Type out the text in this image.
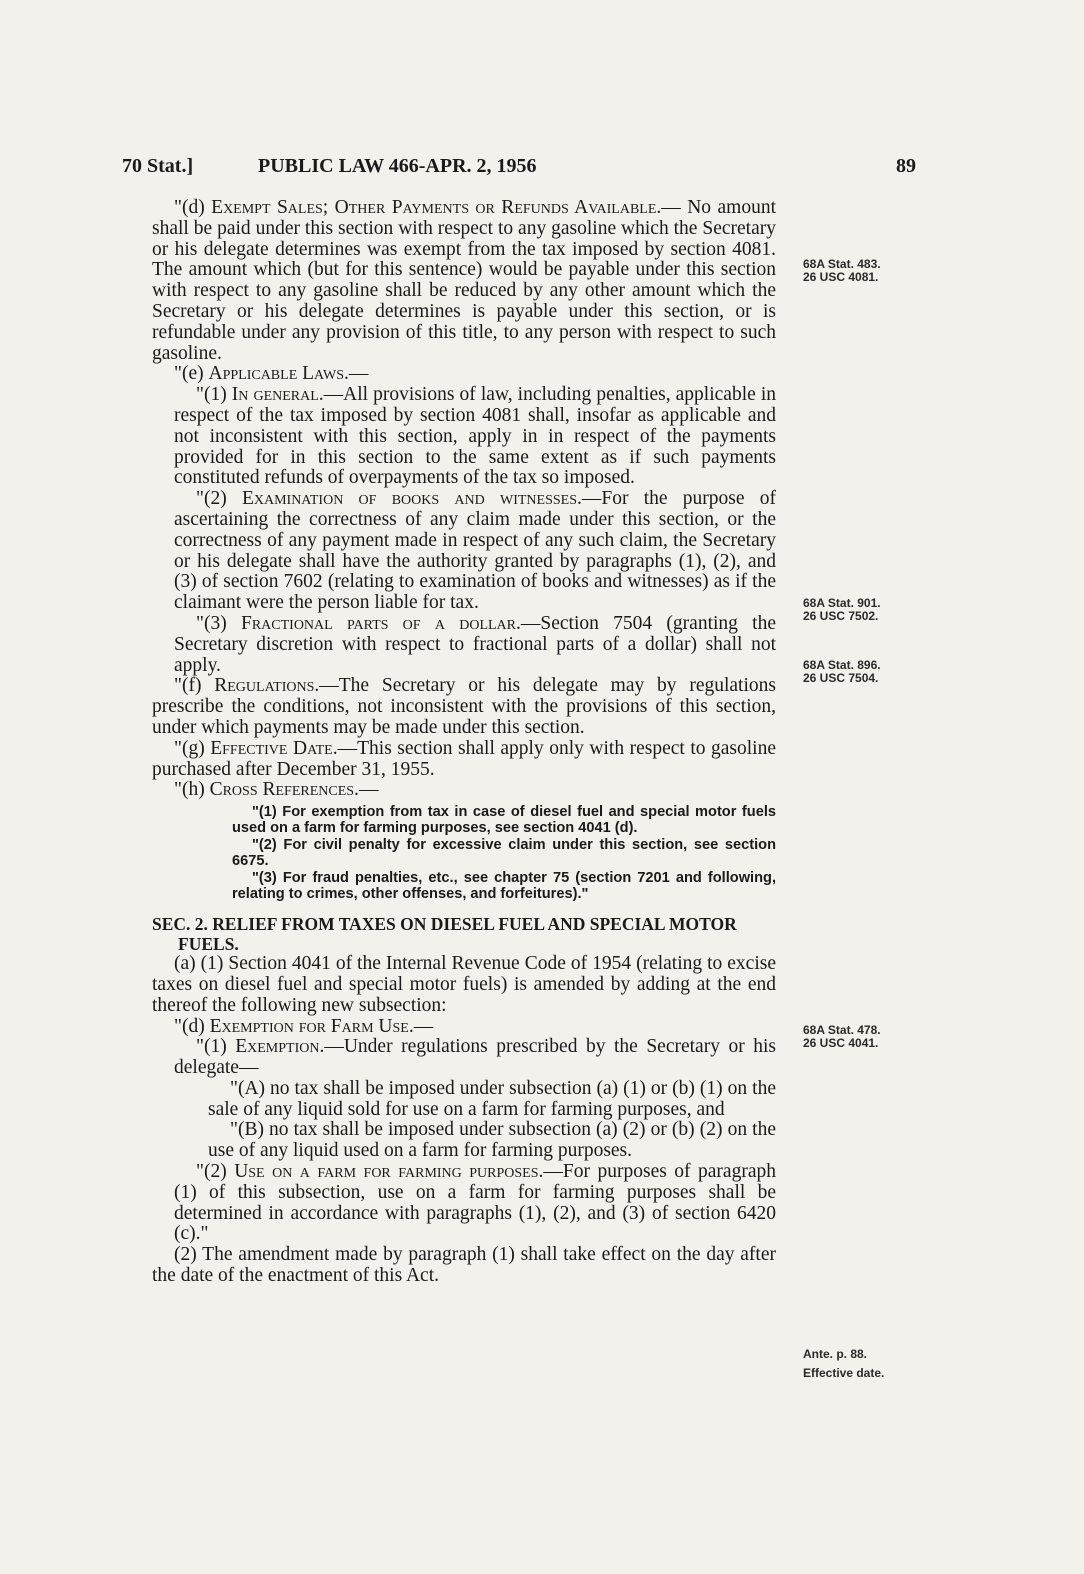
70 Stat.]	PUBLIC LAW 466-APR. 2, 1956	89

"(d) Exempt Sales; Other Payments or Refunds Available.— No amount shall be paid under this section with respect to any gasoline which the Secretary or his delegate determines was exempt from the tax imposed by section 4081. The amount which (but for this sentence) would be payable under this section with respect to any gasoline shall be reduced by any other amount which the Secretary or his delegate determines is payable under this section, or is refundable under any provision of this title, to any person with respect to such gasoline.

"(e) Applicable Laws.—

"(1) In general.—All provisions of law, including penalties, applicable in respect of the tax imposed by section 4081 shall, insofar as applicable and not inconsistent with this section, apply in in respect of the payments provided for in this section to the same extent as if such payments constituted refunds of overpayments of the tax so imposed.

"(2) Examination of books and witnesses.—For the purpose of ascertaining the correctness of any claim made under this section, or the correctness of any payment made in respect of any such claim, the Secretary or his delegate shall have the authority granted by paragraphs (1), (2), and (3) of section 7602 (relating to examination of books and witnesses) as if the claimant were the person liable for tax.

"(3) Fractional parts of a dollar.—Section 7504 (granting the Secretary discretion with respect to fractional parts of a dollar) shall not apply.

"(f) Regulations.—The Secretary or his delegate may by regulations prescribe the conditions, not inconsistent with the provisions of this section, under which payments may be made under this section.

"(g) Effective Date.—This section shall apply only with respect to gasoline purchased after December 31, 1955.

"(h) Cross References.—

"(1) For exemption from tax in case of diesel fuel and special motor fuels used on a farm for farming purposes, see section 4041 (d).

"(2) For civil penalty for excessive claim under this section, see section 6675.

"(3) For fraud penalties, etc., see chapter 75 (section 7201 and following, relating to crimes, other offenses, and forfeitures)."

SEC. 2. RELIEF FROM TAXES ON DIESEL FUEL AND SPECIAL MOTOR FUELS.

(a) (1) Section 4041 of the Internal Revenue Code of 1954 (relating to excise taxes on diesel fuel and special motor fuels) is amended by adding at the end thereof the following new subsection:

"(d) Exemption for Farm Use.—

"(1) Exemption.—Under regulations prescribed by the Secretary or his delegate—

"(A) no tax shall be imposed under subsection (a) (1) or (b) (1) on the sale of any liquid sold for use on a farm for farming purposes, and

"(B) no tax shall be imposed under subsection (a) (2) or (b) (2) on the use of any liquid used on a farm for farming purposes.

"(2) Use on a farm for farming purposes.—For purposes of paragraph (1) of this subsection, use on a farm for farming purposes shall be determined in accordance with paragraphs (1), (2), and (3) of section 6420 (c)."

(2) The amendment made by paragraph (1) shall take effect on the day after the date of the enactment of this Act.

68A Stat. 483.
26 USC 4081.
68A Stat. 901.
26 USC 7502.
68A Stat. 896.
26 USC 7504.
68A Stat. 478.
26 USC 4041.
Ante. p. 88.
Effective date.
